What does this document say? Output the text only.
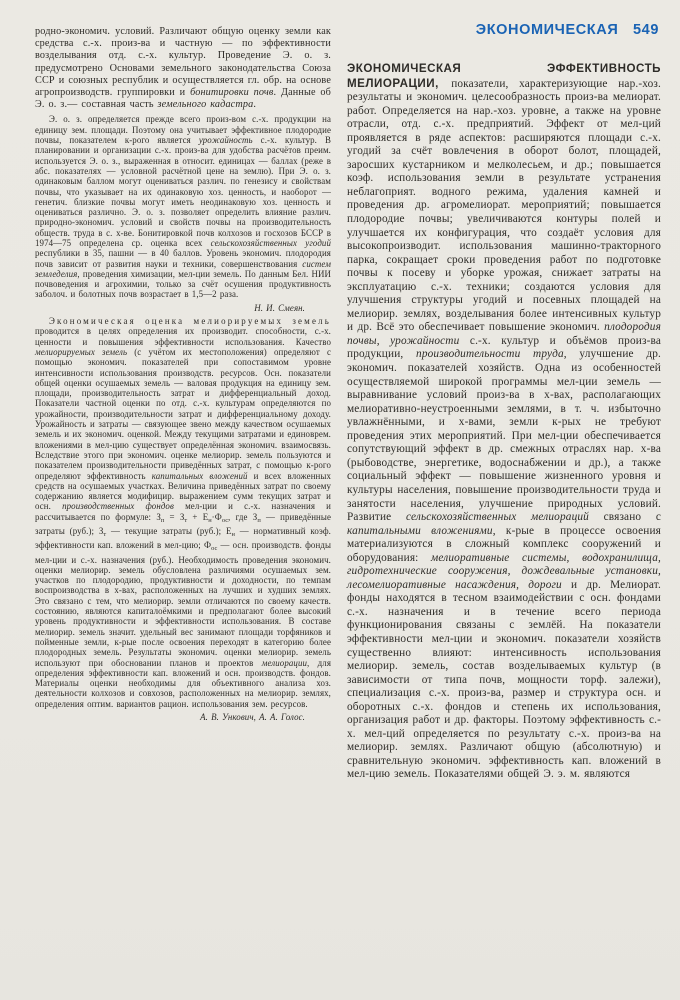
родно-экономич. условий. Различают общую оценку земли как средства с.-х. произ-ва и частную — по эффективности возделывания отд. с.-х. культур. Проведение Э. о. з. предусмотрено Основами земельного законодательства Союза ССР и союзных республик и осуществляется гл. обр. на основе агропроизводств. группировки и бонитировки почв. Данные об Э. о. з.— составная часть земельного кадастра.
Э. о. з. определяется прежде всего произ-вом с.-х. продукции на единицу зем. площади. Поэтому она учитывает эффективное плодородие почвы, показателем к-рого является урожайность с.-х. культур. В планировании и организации с.-х. произ-ва для удобства расчётов преим. используется Э. о. з., выраженная в относит. единицах — баллах (реже в абс. показателях — условной расчётной цене на землю). При Э. о. з. одинаковым баллом могут оцениваться различ. по генезису и свойствам почвы, что указывает на их одинаковую хоз. ценность, и наоборот — генетич. близкие почвы могут иметь неодинаковую хоз. ценность и оцениваться различно. Э. о. з. позволяет определить влияние различ. природно-экономич. условий и свойств почвы на производительность обществ. труда в с. х-ве. Бонитировкой почв колхозов и госхозов БССР в 1974—75 определена ср. оценка всех сельскохозяйственных угодий республики в 35, пашни — в 40 баллов. Уровень экономич. плодородия почв зависит от развития науки и техники, совершенствования систем земледелия, проведения химизации, мел-ции земель. По данным Бел. НИИ почвоведения и агрохимии, только за счёт осушения продуктивность заболоч. и болотных почв возрастает в 1,5—2 раза.
Н. И. Смеян.
Экономическая оценка мелиорируемых земель проводится в целях определения их производит. способности, с.-х. ценности и повышения эффективности использования. Качество мелиорируемых земель (с учётом их местоположения) определяют с помощью экономич. показателей при сопоставимом уровне интенсивности использования производств. ресурсов. Осн. показатели общей оценки осушаемых земель — валовая продукция на единицу зем. площади, производительность затрат и дифференциальный доход. Показатели частной оценки по отд. с.-х. культурам определяются по урожайности, производительности затрат и дифференциальному доходу. Урожайность и затраты — связующее звено между качеством осушаемых земель и их экономич. оценкой. Между текущими затратами и единоврем. вложениями в мел-цию существует определённая экономич. взаимосвязь. Вследствие этого при экономич. оценке мелиорир. земель пользуются и показателем производительности приведённых затрат, с помощью к-рого определяют эффективность капитальных вложений и всех вложенных средств на осушаемых участках. Величина приведённых затрат по своему содержанию является модифицир. выражением сумм текущих затрат и осн. производственных фондов мел-ции и с.-х. назначения и рассчитывается по формуле: $З_п = З_т + Е_н\cdot Ф_{ос}$, где $З_п$ — приведённые затраты (руб.); $З_т$ — текущие затраты (руб.); $Е_н$ — нормативный коэф. эффективности кап. вложений в мел-цию; $Ф_{ос}$ — осн. производств. фонды мел-ции и с.-х. назначения (руб.). Необходимость проведения экономич. оценки мелиорир. земель обусловлена различиями осушаемых зем. участков по плодородию, продуктивности и доходности, по темпам воспроизводства в х-вах, расположенных на лучших и худших землях. Это связано с тем, что мелиорир. земли отличаются по своему качеств. состоянию, являются капиталоёмкими и предполагают более высокий уровень продуктивности и эффективности использования. В составе мелиорир. земель значит. удельный вес занимают площади торфяников и пойменные земли, к-рые после освоения переходят в категорию более плодородных земель. Результаты экономич. оценки мелиорир. земель используют при обосновании планов и проектов мелиорации, для определения эффективности кап. вложений и осн. производств. фондов. Материалы оценки необходимы для объективного анализа хоз. деятельности колхозов и совхозов, расположенных на мелиорир. землях, определения оптим. вариантов рацион. использования зем. ресурсов.
А. В. Ункович, А. А. Голос.
ЭКОНОМИЧЕСКАЯ 549
ЭКОНОМИЧЕСКАЯ ЭФФЕКТИВНОСТЬ МЕЛИОРАЦИИ, показатели, характеризующие нар.-хоз. результаты и экономич. целесообразность произ-ва мелиорат. работ. Определяется на нар.-хоз. уровне, а также на уровне отрасли, отд. с.-х. предприятий. Эффект от мел-ций проявляется в ряде аспектов: расширяются площади с.-х. угодий за счёт вовлечения в оборот болот, площадей, заросших кустарником и мелколесьем, и др.; повышается коэф. использования земли в результате устранения неблагоприят. водного режима, удаления камней и проведения др. агромелиорат. мероприятий; повышается плодородие почвы; увеличиваются контуры полей и улучшается их конфигурация, что создаёт условия для высокопроизводит. использования машинно-тракторного парка, сокращает сроки проведения работ по подготовке почвы к посеву и уборке урожая, снижает затраты на эксплуатацию с.-х. техники; создаются условия для улучшения структуры угодий и посевных площадей на мелиорир. землях, возделывания более интенсивных культур и др. Всё это обеспечивает повышение экономич. плодородия почвы, урожайности с.-х. культур и объёмов произ-ва продукции, производительности труда, улучшение др. экономич. показателей хозяйств. Одна из особенностей осуществляемой широкой программы мел-ции земель — выравнивание условий произ-ва в х-вах, располагающих мелиоративно-неустроенными землями, в т. ч. избыточно увлажнёнными, и х-вами, земли к-рых не требуют проведения этих мероприятий. При мел-ции обеспечивается сопутствующий эффект в др. смежных отраслях нар. х-ва (рыбоводстве, энергетике, водоснабжении и др.), а также социальный эффект — повышение жизненного уровня и культуры населения, повышение производительности труда и занятости населения, улучшение природных условий. Развитие сельскохозяйственных мелиораций связано с капитальными вложениями, к-рые в процессе освоения материализуются в сложный комплекс сооружений и оборудования: мелиоративные системы, водохранилища, гидротехнические сооружения, дождевальные установки, лесомелиоративные насаждения, дороги и др. Мелиорат. фонды находятся в тесном взаимодействии с осн. фондами с.-х. назначения и в течение всего периода функционирования связаны с землёй. На показатели эффективности мел-ции и экономич. показатели хозяйств существенно влияют: интенсивность использования мелиорир. земель, состав возделываемых культур (в зависимости от типа почв, мощности торф. залежи), специализация с.-х. произ-ва, размер и структура осн. и оборотных с.-х. фондов и степень их использования, организация работ и др. факторы. Поэтому эффективность с.-х. мел-ций определяется по результату с.-х. произ-ва на мелиорир. землях. Различают общую (абсолютную) и сравнительную экономич. эффективность кап. вложений в мел-цию земель. Показателями общей Э. э. м. являются
